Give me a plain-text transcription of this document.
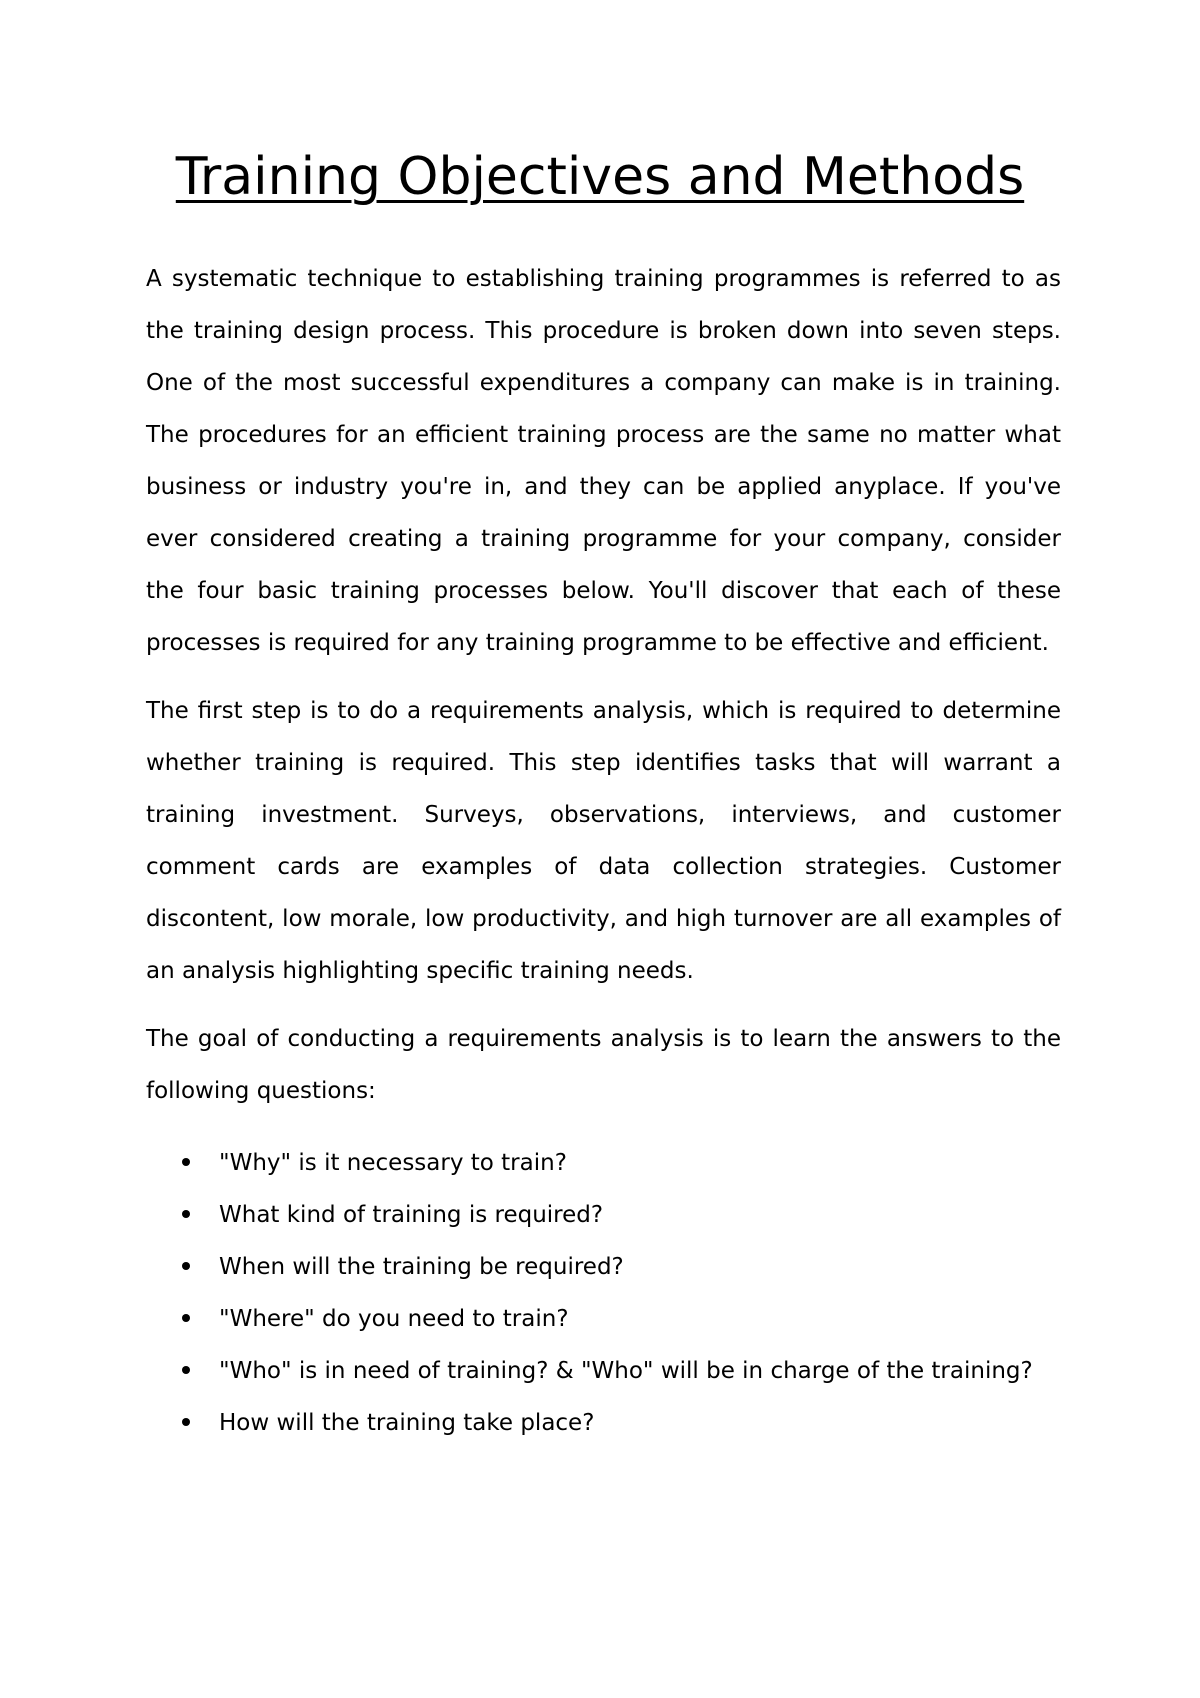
Training Objectives and Methods

A systematic technique to establishing training programmes is referred to as the training design process. This procedure is broken down into seven steps. One of the most successful expenditures a company can make is in training. The procedures for an efficient training process are the same no matter what business or industry you're in, and they can be applied anyplace. If you've ever considered creating a training programme for your company, consider the four basic training processes below. You'll discover that each of these processes is required for any training programme to be effective and efficient.

The first step is to do a requirements analysis, which is required to determine whether training is required. This step identifies tasks that will warrant a training investment. Surveys, observations, interviews, and customer comment cards are examples of data collection strategies. Customer discontent, low morale, low productivity, and high turnover are all examples of an analysis highlighting specific training needs.

The goal of conducting a requirements analysis is to learn the answers to the following questions:

"Why" is it necessary to train?
What kind of training is required?
When will the training be required?
"Where" do you need to train?
"Who" is in need of training? & "Who" will be in charge of the training?
How will the training take place?
